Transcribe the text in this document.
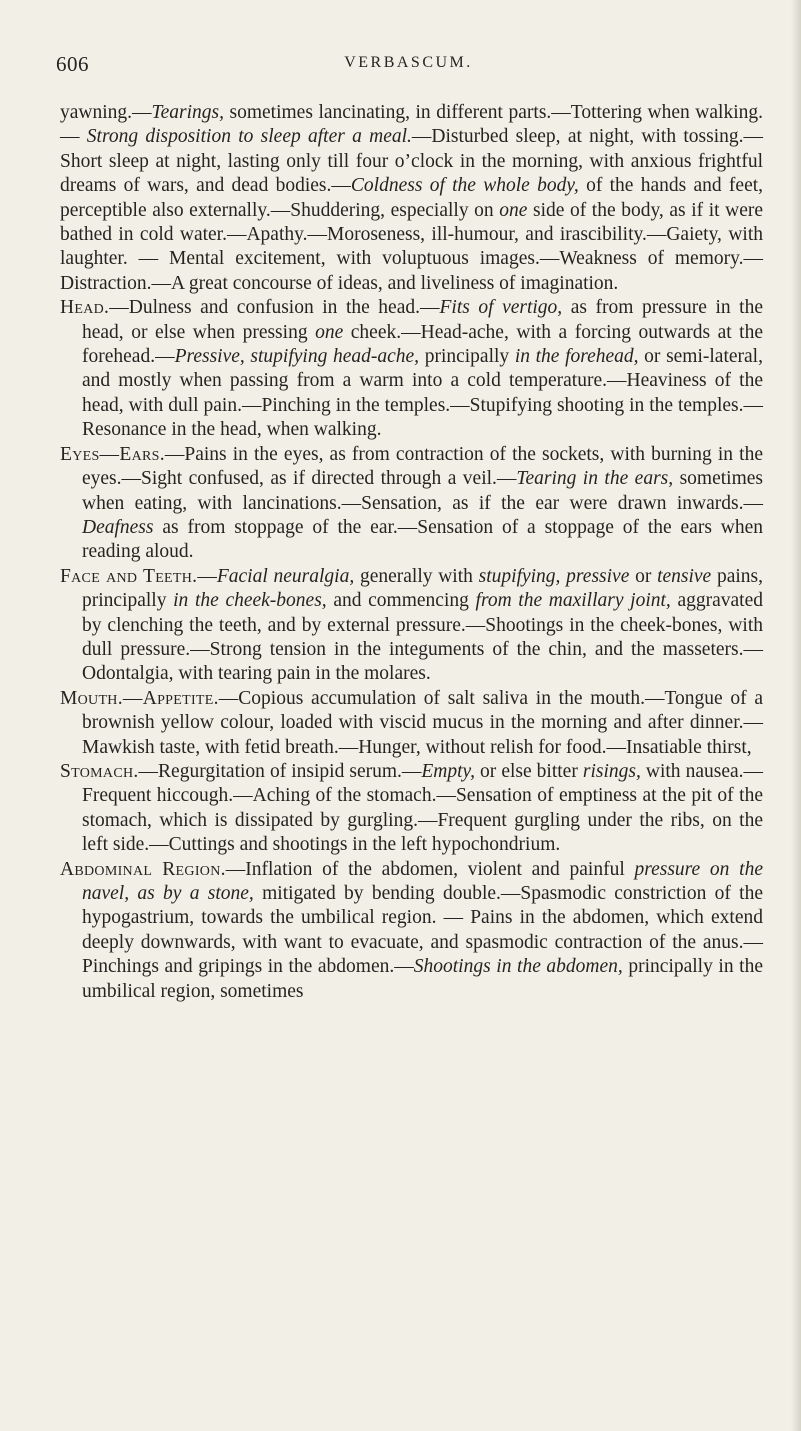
606	VERBASCUM.

yawning.—Tearings, sometimes lancinating, in different parts.—Tottering when walking.— Strong disposition to sleep after a meal.—Disturbed sleep, at night, with tossing.—Short sleep at night, lasting only till four o’clock in the morning, with anxious frightful dreams of wars, and dead bodies.—Coldness of the whole body, of the hands and feet, perceptible also externally.—Shuddering, especially on one side of the body, as if it were bathed in cold water.—Apathy.—Moroseness, ill-humour, and irascibility.—Gaiety, with laughter. — Mental excitement, with voluptuous images.—Weakness of memory.—Distraction.—A great concourse of ideas, and liveliness of imagination.

Head.—Dulness and confusion in the head.—Fits of vertigo, as from pressure in the head, or else when pressing one cheek.—Head-ache, with a forcing outwards at the forehead.—Pressive, stupifying head-ache, principally in the forehead, or semi-lateral, and mostly when passing from a warm into a cold temperature.—Heaviness of the head, with dull pain.—Pinching in the temples.—Stupifying shooting in the temples.—Resonance in the head, when walking.

Eyes—Ears.—Pains in the eyes, as from contraction of the sockets, with burning in the eyes.—Sight confused, as if directed through a veil.—Tearing in the ears, sometimes when eating, with lancinations.—Sensation, as if the ear were drawn inwards.—Deafness as from stoppage of the ear.—Sensation of a stoppage of the ears when reading aloud.

Face and Teeth.—Facial neuralgia, generally with stupifying, pressive or tensive pains, principally in the cheek-bones, and commencing from the maxillary joint, aggravated by clenching the teeth, and by external pressure.—Shootings in the cheek-bones, with dull pressure.—Strong tension in the integuments of the chin, and the masseters.—Odontalgia, with tearing pain in the molares.

Mouth.—Appetite.—Copious accumulation of salt saliva in the mouth.—Tongue of a brownish yellow colour, loaded with viscid mucus in the morning and after dinner.—Mawkish taste, with fetid breath.—Hunger, without relish for food.—Insatiable thirst,

Stomach.—Regurgitation of insipid serum.—Empty, or else bitter risings, with nausea.—Frequent hiccough.—Aching of the stomach.—Sensation of emptiness at the pit of the stomach, which is dissipated by gurgling.—Frequent gurgling under the ribs, on the left side.—Cuttings and shootings in the left hypochondrium.

Abdominal Region.—Inflation of the abdomen, violent and painful pressure on the navel, as by a stone, mitigated by bending double.—Spasmodic constriction of the hypogastrium, towards the umbilical region. — Pains in the abdomen, which extend deeply downwards, with want to evacuate, and spasmodic contraction of the anus.—Pinchings and gripings in the abdomen.—Shootings in the abdomen, principally in the umbilical region, sometimes
